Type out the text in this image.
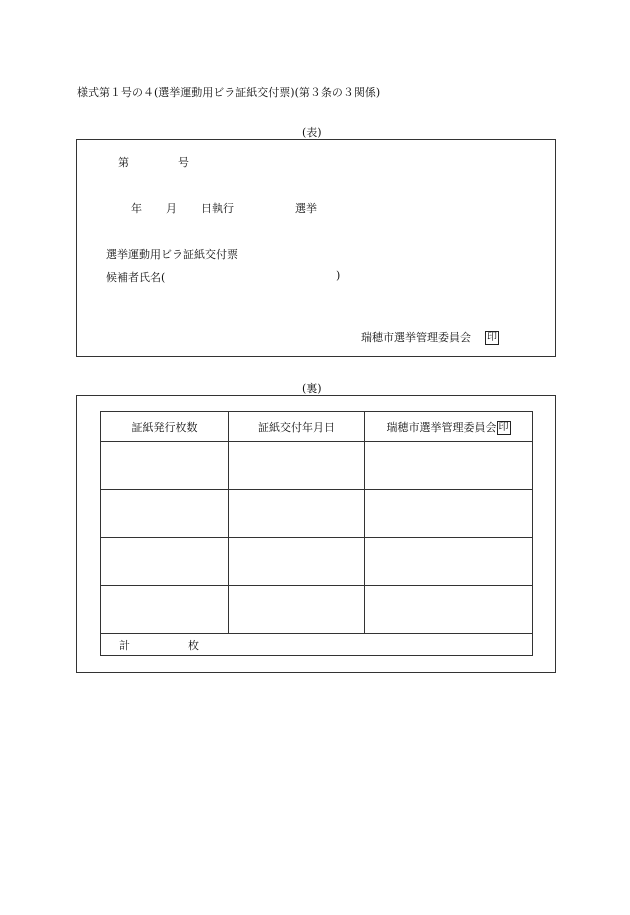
様式第１号の４(選挙運動用ビラ証紙交付票)(第３条の３関係)
(表)
第	号
年 月 日執行	選挙
選挙運動用ビラ証紙交付票
候補者氏名(	)
瑞穂市選挙管理委員会 印
(裏)
証紙発行枚数	証紙交付年月日	瑞穂市選挙管理委員会 印

計 枚		
